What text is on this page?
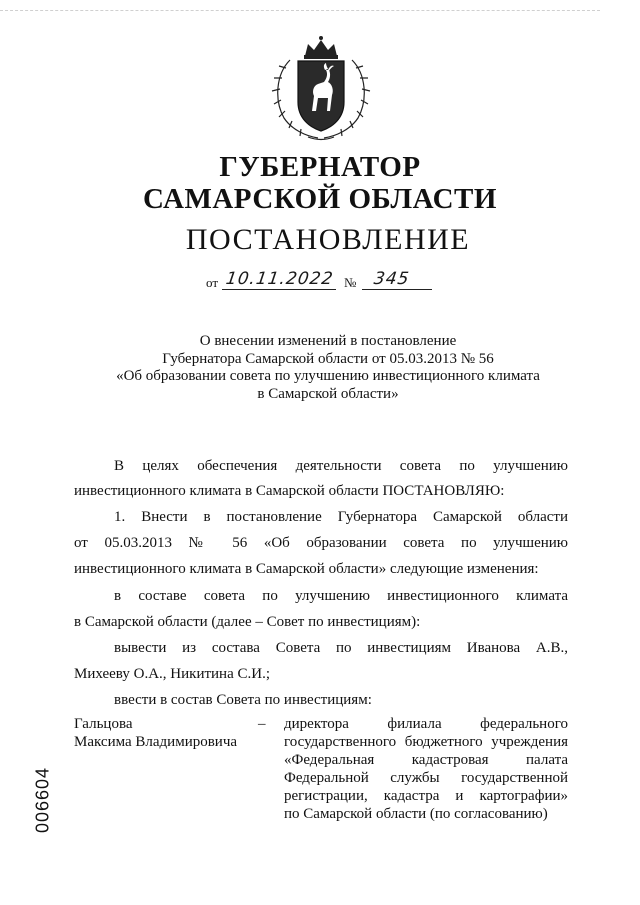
ГУБЕРНАТОР
САМАРСКОЙ ОБЛАСТИ
ПОСТАНОВЛЕНИЕ
от 10.11.2022 № 345
О внесении изменений в постановление
Губернатора Самарской области от 05.03.2013 № 56
«Об образовании совета по улучшению инвестиционного климата
в Самарской области»
В целях обеспечения деятельности совета по улучшению
инвестиционного климата в Самарской области ПОСТАНОВЛЯЮ:
1. Внести в постановление Губернатора Самарской области
от 05.03.2013 № 56 «Об образовании совета по улучшению
инвестиционного климата в Самарской области» следующие изменения:
в составе совета по улучшению инвестиционного климата
в Самарской области (далее – Совет по инвестициям):
вывести из состава Совета по инвестициям Иванова А.В.,
Михееву О.А., Никитина С.И.;
ввести в состав Совета по инвестициям:
Гальцова
Максима Владимировича
– директора филиала федерального
государственного бюджетного учреждения
«Федеральная кадастровая палата
Федеральной службы государственной
регистрации, кадастра и картографии»
по Самарской области (по согласованию)
006604
